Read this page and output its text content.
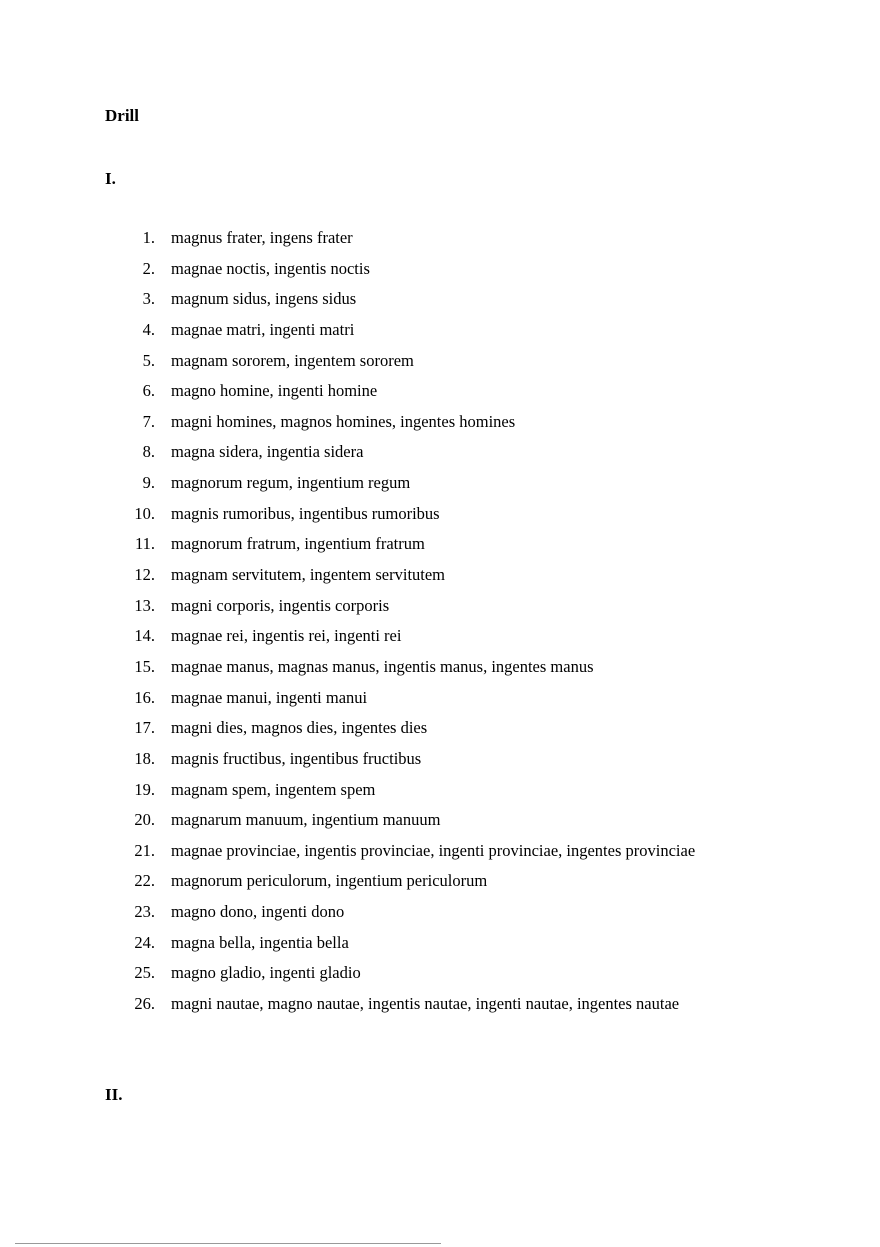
Drill
I.
1. magnus frater, ingens frater
2. magnae noctis, ingentis noctis
3. magnum sidus, ingens sidus
4. magnae matri, ingenti matri
5. magnam sororem, ingentem sororem
6. magno homine, ingenti homine
7. magni homines, magnos homines, ingentes homines
8. magna sidera, ingentia sidera
9. magnorum regum, ingentium regum
10. magnis rumoribus, ingentibus rumoribus
11. magnorum fratrum, ingentium fratrum
12. magnam servitutem, ingentem servitutem
13. magni corporis, ingentis corporis
14. magnae rei, ingentis rei, ingenti rei
15. magnae manus, magnas manus, ingentis manus, ingentes manus
16. magnae manui, ingenti manui
17. magni dies, magnos dies, ingentes dies
18. magnis fructibus, ingentibus fructibus
19. magnam spem, ingentem spem
20. magnarum manuum, ingentium manuum
21. magnae provinciae, ingentis provinciae, ingenti provinciae, ingentes provinciae
22. magnorum periculorum, ingentium periculorum
23. magno dono, ingenti dono
24. magna bella, ingentia bella
25. magno gladio, ingenti gladio
26. magni nautae, magno nautae, ingentis nautae, ingenti nautae, ingentes nautae
II.
